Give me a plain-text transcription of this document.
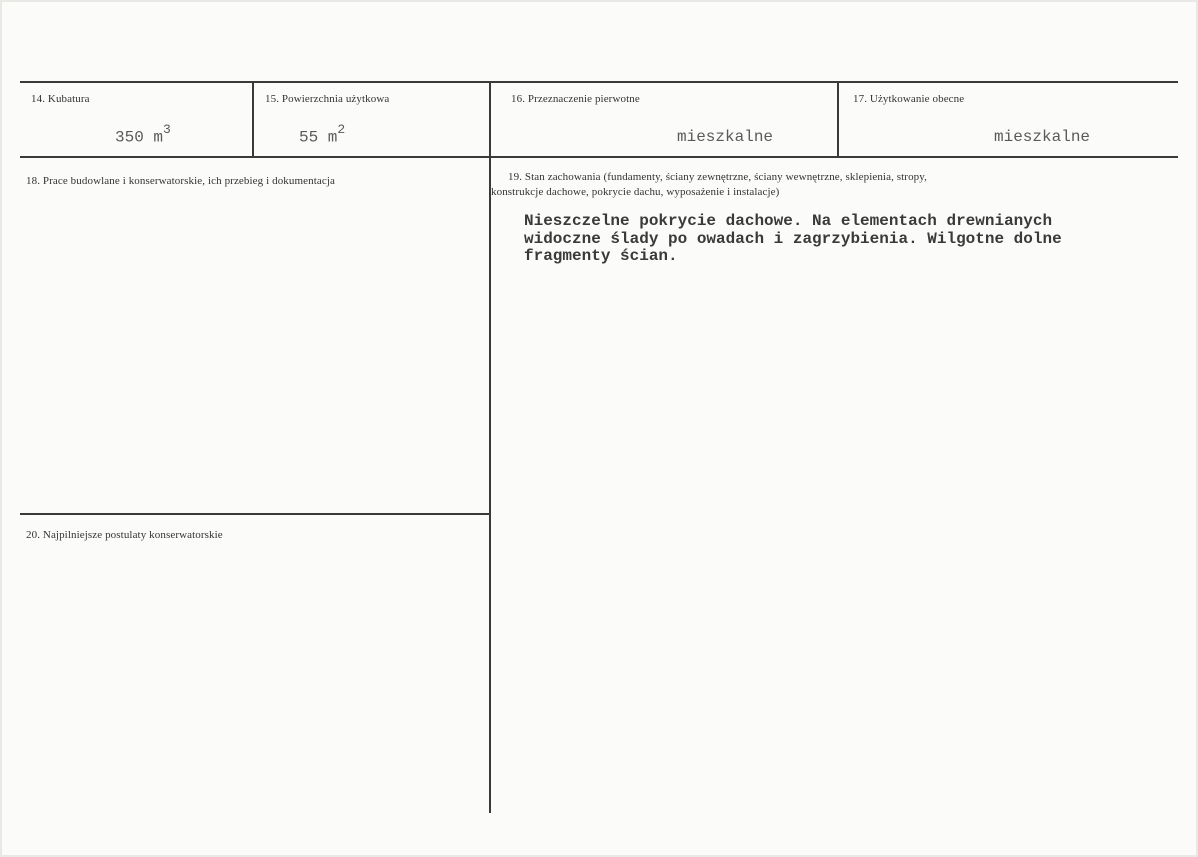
14. Kubatura
350 $m^3$
15. Powierzchnia użytkowa
55 $m^2$
16. Przeznaczenie pierwotne
mieszkalne
17. Użytkowanie obecne
mieszkalne
18. Prace budowlane i konserwatorskie, ich przebieg i dokumentacja	19. Stan zachowania (fundamenty, ściany zewnętrzne, ściany wewnętrzne, sklepienia, stropy,
konstrukcje dachowe, pokrycie dachu, wyposażenie i instalacje)
Nieszczelne pokrycie dachowe. Na elementach drewnianych
widoczne ślady po owadach i zagrzybienia. Wilgotne dolne
fragmenty ścian.
20. Najpilniejsze postulaty konserwatorskie
